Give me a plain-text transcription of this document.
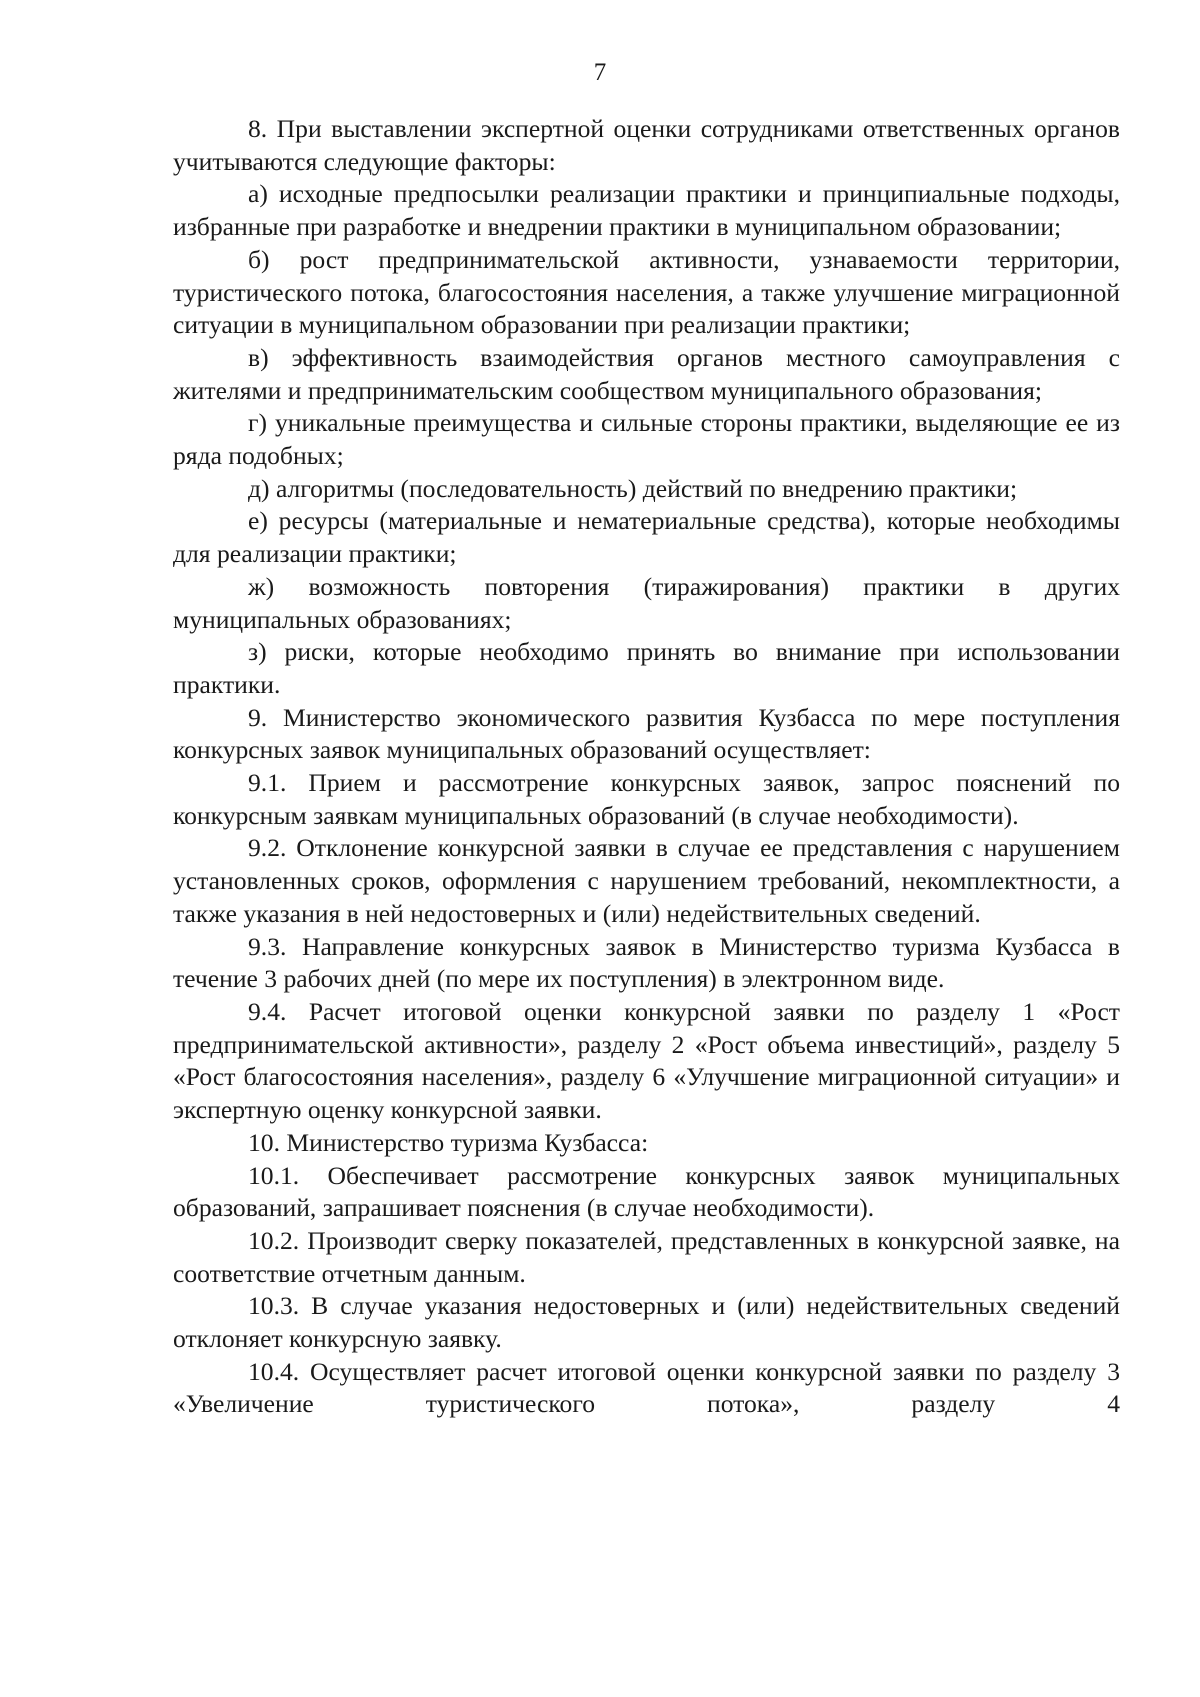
7

8. При выставлении экспертной оценки сотрудниками ответственных органов учитываются следующие факторы:

а) исходные предпосылки реализации практики и принципиальные подходы, избранные при разработке и внедрении практики в муниципальном образовании;

б) рост предпринимательской активности, узнаваемости территории, туристического потока, благосостояния населения, а также улучшение миграционной ситуации в муниципальном образовании при реализации практики;

в) эффективность взаимодействия органов местного самоуправления с жителями и предпринимательским сообществом муниципального образования;

г) уникальные преимущества и сильные стороны практики, выделяющие ее из ряда подобных;

д) алгоритмы (последовательность) действий по внедрению практики;

е) ресурсы (материальные и нематериальные средства), которые необходимы для реализации практики;

ж) возможность повторения (тиражирования) практики в других муниципальных образованиях;

з) риски, которые необходимо принять во внимание при использовании практики.

9. Министерство экономического развития Кузбасса по мере поступления конкурсных заявок муниципальных образований осуществляет:

9.1. Прием и рассмотрение конкурсных заявок, запрос пояснений по конкурсным заявкам муниципальных образований (в случае необходимости).

9.2. Отклонение конкурсной заявки в случае ее представления с нарушением установленных сроков, оформления с нарушением требований, некомплектности, а также указания в ней недостоверных и (или) недействительных сведений.

9.3. Направление конкурсных заявок в Министерство туризма Кузбасса в течение 3 рабочих дней (по мере их поступления) в электронном виде.

9.4. Расчет итоговой оценки конкурсной заявки по разделу 1 «Рост предпринимательской активности», разделу 2 «Рост объема инвестиций», разделу 5 «Рост благосостояния населения», разделу 6 «Улучшение миграционной ситуации» и экспертную оценку конкурсной заявки.

10. Министерство туризма Кузбасса:

10.1. Обеспечивает рассмотрение конкурсных заявок муниципальных образований, запрашивает пояснения (в случае необходимости).

10.2. Производит сверку показателей, представленных в конкурсной заявке, на соответствие отчетным данным.

10.3. В случае указания недостоверных и (или) недействительных сведений отклоняет конкурсную заявку.

10.4. Осуществляет расчет итоговой оценки конкурсной заявки по разделу 3 «Увеличение туристического потока», разделу 4
